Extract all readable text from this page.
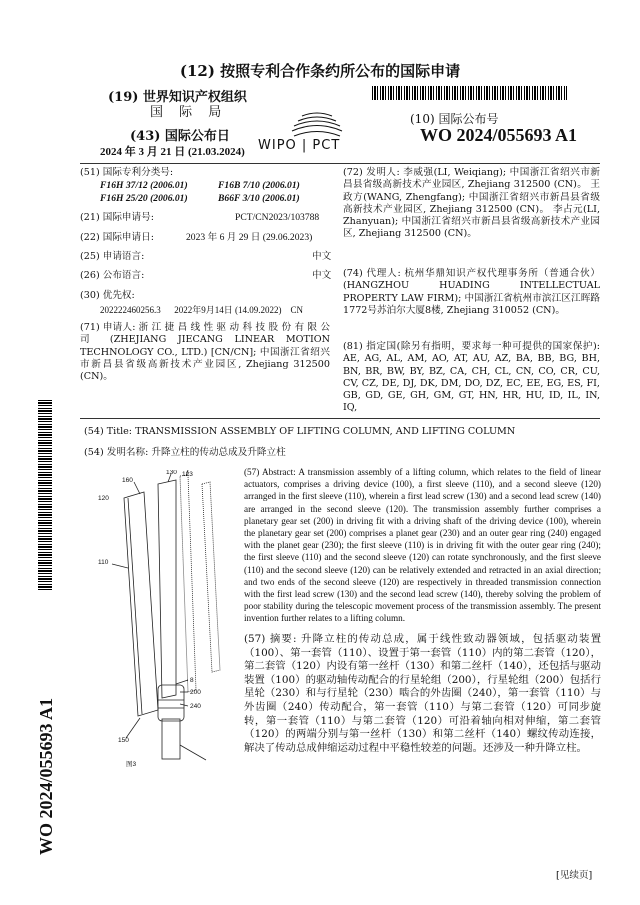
(12) 按照专利合作条约所公布的国际申请
(19) 世界知识产权组织
国 际 局
(43) 国际公布日
2024 年 3 月 21 日 (21.03.2024) WIPO | PCT
(10) 国际公布号
WO 2024/055693 A1
(51) 国际专利分类号:
F16H 37/12 (2006.01)	F16B 7/10 (2006.01)
F16H 25/20 (2006.01)	B66F 3/10 (2006.01)
(21) 国际申请号:	PCT/CN2023/103788
(22) 国际申请日:	2023 年 6 月 29 日 (29.06.2023)
(25) 申请语言:	中文
(26) 公布语言:	中文
(30) 优先权:
202222460256.3      2022年9月14日 (14.09.2022)    CN
(71) 申请人: 浙 江 捷 昌 线 性 驱 动 科 技 股 份 有 限 公 司 (ZHEJIANG JIECANG LINEAR MOTION TECHNOLOGY CO., LTD.) [CN/CN]; 中国浙江省绍兴市新昌县省级高新技术产业园区, Zhejiang 312500 (CN)。
(72) 发明人: 李威强(LI, Weiqiang); 中国浙江省绍兴市新昌县省级高新技术产业园区, Zhejiang 312500 (CN)。 王政方(WANG, Zhengfang); 中国浙江省绍兴市新昌县省级高新技术产业园区, Zhejiang 312500 (CN)。 李占元(LI, Zhanyuan); 中国浙江省绍兴市新昌县省级高新技术产业园区, Zhejiang 312500 (CN)。
(74) 代理人: 杭州华鼎知识产权代理事务所（普通合伙）(HANGZHOU HUADING INTELLECTUAL PROPERTY LAW FIRM); 中国浙江省杭州市滨江区江晖路1772号苏泊尔大厦8楼, Zhejiang 310052 (CN)。
(81) 指定国(除另有指明，要求每一种可提供的国家保护): AE, AG, AL, AM, AO, AT, AU, AZ, BA, BB, BG, BH, BN, BR, BW, BY, BZ, CA, CH, CL, CN, CO, CR, CU, CV, CZ, DE, DJ, DK, DM, DO, DZ, EC, EE, EG, ES, FI, GB, GD, GE, GH, GM, GT, HN, HR, HU, ID, IL, IN, IQ,
WO 2024/055693 A1
(54) Title: TRANSMISSION ASSEMBLY OF LIFTING COLUMN, AND LIFTING COLUMN
(54) 发明名称: 升降立柱的传动总成及升降立柱
160
130 123
120
110
150
8
200
240
图3
(57) Abstract: A transmission assembly of a lifting column, which relates to the field of linear actuators, comprises a driving device (100), a first sleeve (110), and a second sleeve (120) arranged in the first sleeve (110), wherein a first lead screw (130) and a second lead screw (140) are arranged in the second sleeve (120). The transmission assembly further comprises a planetary gear set (200) in driving fit with a driving shaft of the driving device (100), wherein the planetary gear set (200) comprises a planet gear (230) and an outer gear ring (240) engaged with the planet gear (230); the first sleeve (110) is in driving fit with the outer gear ring (240); the first sleeve (110) and the second sleeve (120) can rotate synchronously, and the first sleeve (110) and the second sleeve (120) can be relatively extended and retracted in an axial direction; and two ends of the second sleeve (120) are respectively in threaded transmission connection with the first lead screw (130) and the second lead screw (140), thereby solving the problem of poor stability during the telescopic movement process of the transmission assembly. The present invention further relates to a lifting column.
(57) 摘要: 升降立柱的传动总成，属于线性致动器领域，包括驱动装置（100）、第一套管（110）、设置于第一套管（110）内的第二套管（120），第二套管（120）内设有第一丝杆（130）和第二丝杆（140），还包括与驱动装置（100）的驱动轴传动配合的行星轮组（200），行星轮组（200）包括行星轮（230）和与行星轮（230）啮合的外齿圈（240），第一套管（110）与外齿圈（240）传动配合，第一套管（110）与第二套管（120）可同步旋转，第一套管（110）与第二套管（120）可沿着轴向相对伸缩，第二套管（120）的两端分别与第一丝杆（130）和第二丝杆（140）螺纹传动连接，解决了传动总成伸缩运动过程中平稳性较差的问题。还涉及一种升降立柱。
[见续页]
